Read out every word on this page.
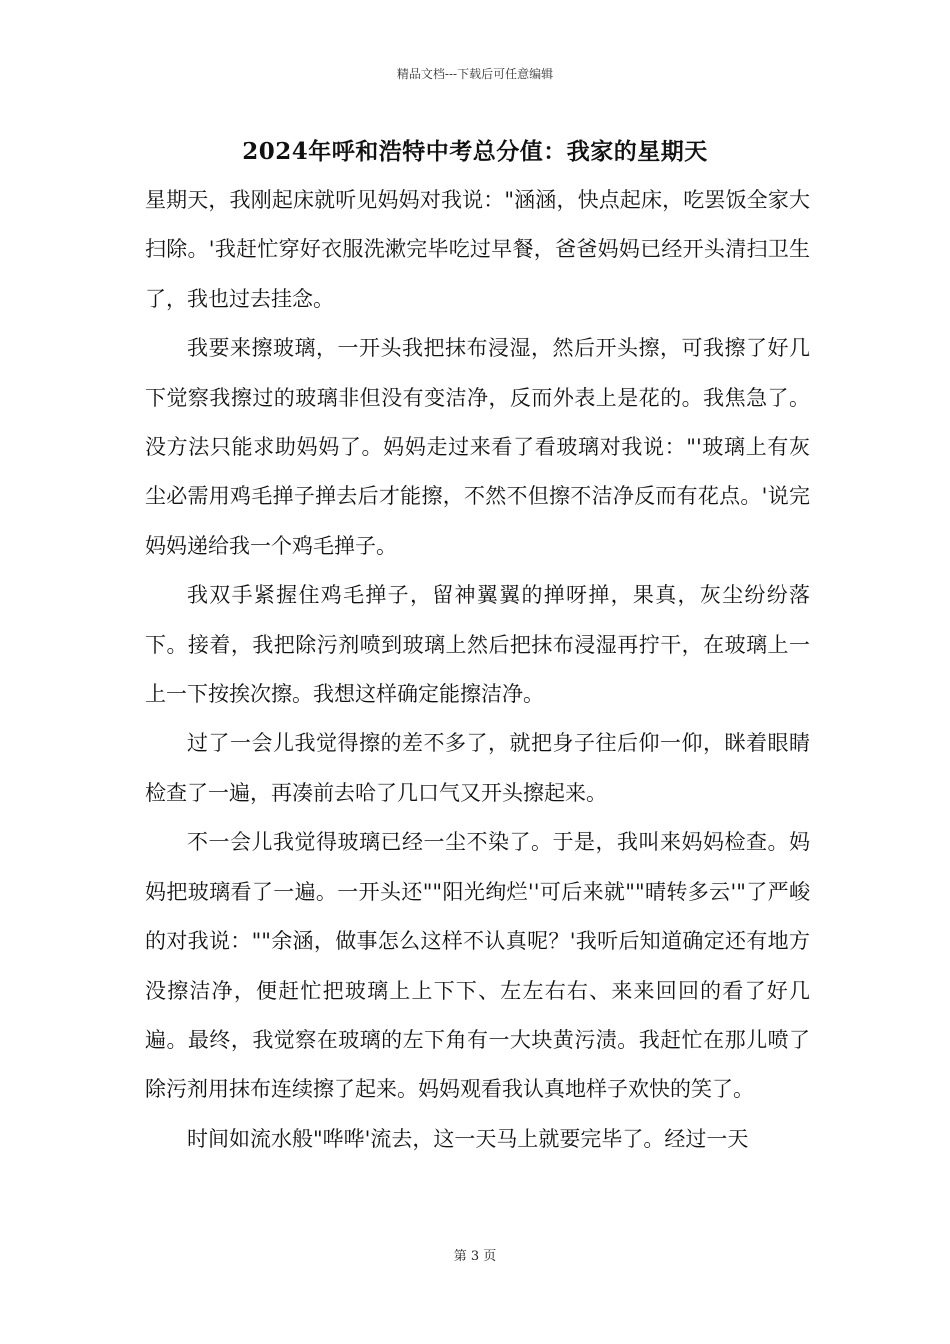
精品文档---下载后可任意编辑
2024年呼和浩特中考总分值：我家的星期天

星期天，我刚起床就听见妈妈对我说："涵涵，快点起床，吃罢饭全家大扫除。'我赶忙穿好衣服洗漱完毕吃过早餐，爸爸妈妈已经开头清扫卫生了，我也过去挂念。

我要来擦玻璃，一开头我把抹布浸湿，然后开头擦，可我擦了好几下觉察我擦过的玻璃非但没有变洁净，反而外表上是花的。我焦急了。没方法只能求助妈妈了。妈妈走过来看了看玻璃对我说："'玻璃上有灰尘必需用鸡毛掸子掸去后才能擦，不然不但擦不洁净反而有花点。'说完妈妈递给我一个鸡毛掸子。

我双手紧握住鸡毛掸子，留神翼翼的掸呀掸，果真，灰尘纷纷落下。接着，我把除污剂喷到玻璃上然后把抹布浸湿再拧干，在玻璃上一上一下按挨次擦。我想这样确定能擦洁净。

过了一会儿我觉得擦的差不多了，就把身子往后仰一仰，眯着眼睛检查了一遍，再凑前去哈了几口气又开头擦起来。

不一会儿我觉得玻璃已经一尘不染了。于是，我叫来妈妈检查。妈妈把玻璃看了一遍。一开头还""阳光绚烂''可后来就""晴转多云'"了严峻的对我说：""余涵，做事怎么这样不认真呢？'我听后知道确定还有地方没擦洁净，便赶忙把玻璃上上下下、左左右右、来来回回的看了好几遍。最终，我觉察在玻璃的左下角有一大块黄污渍。我赶忙在那儿喷了除污剂用抹布连续擦了起来。妈妈观看我认真地样子欢快的笑了。

时间如流水般"哗哗'流去，这一天马上就要完毕了。经过一天

第 3 页
